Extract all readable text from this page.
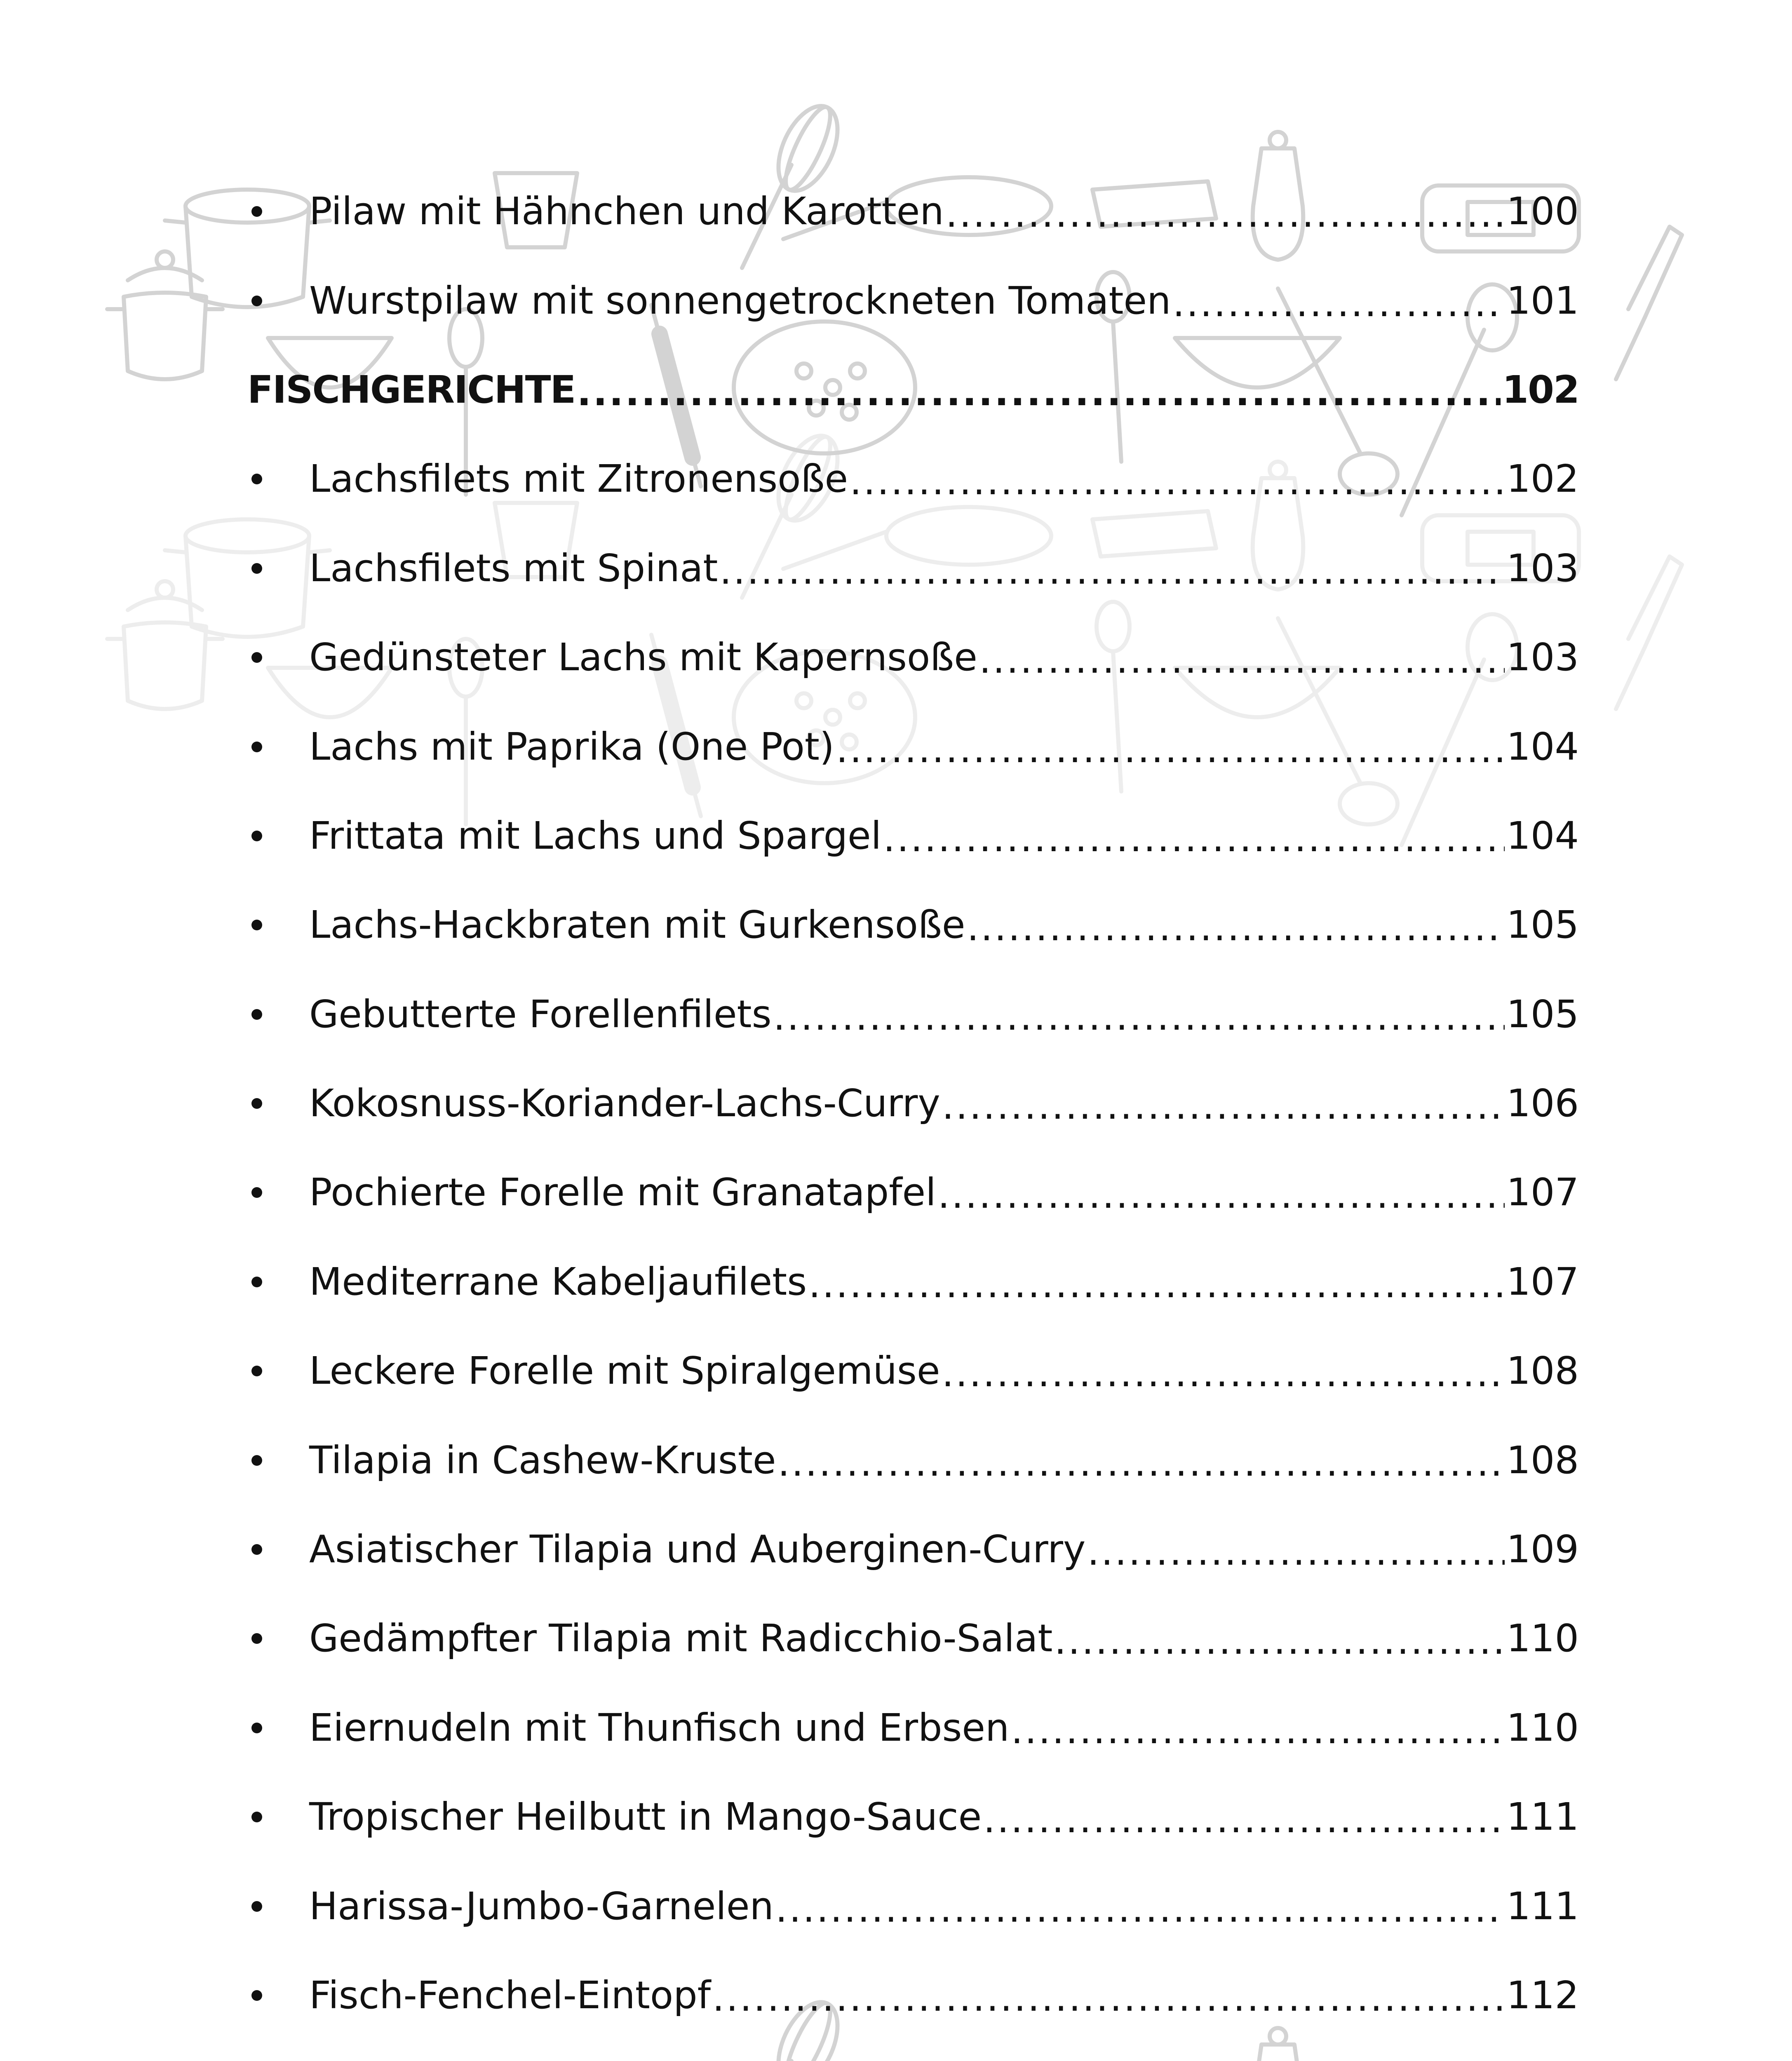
Pilaw mit Hähnchen und Karotten .....	100
Wurstpilaw mit sonnengetrockneten Tomaten .....	101
FISCHGERICHTE .....	102
Lachsfilets mit Zitronensoße .....	102
Lachsfilets mit Spinat .....	103
Gedünsteter Lachs mit Kapernsoße .....	103
Lachs mit Paprika (One Pot) .....	104
Frittata mit Lachs und Spargel .....	104
Lachs-Hackbraten mit Gurkensoße .....	105
Gebutterte Forellenfilets .....	105
Kokosnuss-Koriander-Lachs-Curry .....	106
Pochierte Forelle mit Granatapfel .....	107
Mediterrane Kabeljaufilets .....	107
Leckere Forelle mit Spiralgemüse .....	108
Tilapia in Cashew-Kruste .....	108
Asiatischer Tilapia und Auberginen-Curry .....	109
Gedämpfter Tilapia mit Radicchio-Salat .....	110
Eiernudeln mit Thunfisch und Erbsen .....	110
Tropischer Heilbutt in Mango-Sauce .....	111
Harissa-Jumbo-Garnelen .....	111
Fisch-Fenchel-Eintopf .....	112
